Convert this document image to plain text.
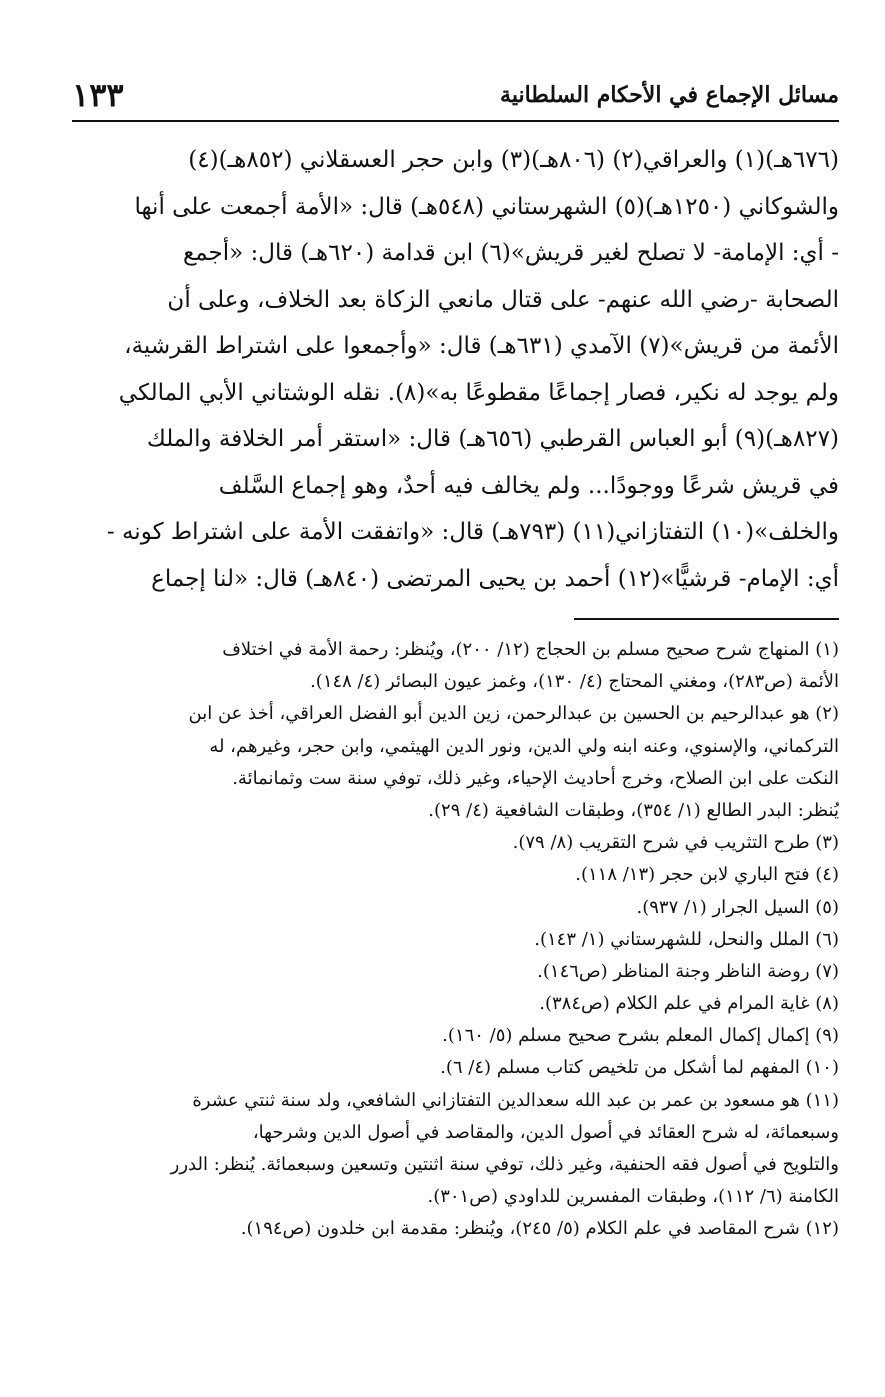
مسائل الإجماع في الأحكام السلطانية
١٣٣
(٦٧٦هـ)(١) والعراقي(٢) (٨٠٦هـ)(٣) وابن حجر العسقلاني (٨٥٢هـ)(٤)
والشوكاني (١٢٥٠هـ)(٥) الشهرستاني (٥٤٨هـ) قال: «الأمة أجمعت على أنها
- أي: الإمامة- لا تصلح لغير قريش»(٦) ابن قدامة (٦٢٠هـ) قال: «أجمع
الصحابة -رضي الله عنهم- على قتال مانعي الزكاة بعد الخلاف، وعلى أن
الأئمة من قريش»(٧) الآمدي (٦٣١هـ) قال: «وأجمعوا على اشتراط القرشية،
ولم يوجد له نكير، فصار إجماعًا مقطوعًا به»(٨). نقله الوشتاني الأبي المالكي
(٨٢٧هـ)(٩) أبو العباس القرطبي (٦٥٦هـ) قال: «استقر أمر الخلافة والملك
في قريش شرعًا ووجودًا... ولم يخالف فيه أحدٌ، وهو إجماع السَّلف
والخلف»(١٠) التفتازاني(١١) (٧٩٣هـ) قال: «واتفقت الأمة على اشتراط كونه -
أي: الإمام- قرشيًّا»(١٢) أحمد بن يحيى المرتضى (٨٤٠هـ) قال: «لنا إجماع
(١) المنهاج شرح صحيح مسلم بن الحجاج (١٢/ ٢٠٠)، ويُنظر: رحمة الأمة في اختلاف
الأئمة (ص٢٨٣)، ومغني المحتاج (٤/ ١٣٠)، وغمز عيون البصائر (٤/ ١٤٨).
(٢) هو عبدالرحيم بن الحسين بن عبدالرحمن، زين الدين أبو الفضل العراقي، أخذ عن ابن
التركماني، والإسنوي، وعنه ابنه ولي الدين، ونور الدين الهيثمي، وابن حجر، وغيرهم، له
النكت على ابن الصلاح، وخرج أحاديث الإحياء، وغير ذلك، توفي سنة ست وثمانمائة.
يُنظر: البدر الطالع (١/ ٣٥٤)، وطبقات الشافعية (٤/ ٢٩).
(٣) طرح التثريب في شرح التقريب (٨/ ٧٩).
(٤) فتح الباري لابن حجر (١٣/ ١١٨).
(٥) السيل الجرار (١/ ٩٣٧).
(٦) الملل والنحل، للشهرستاني (١/ ١٤٣).
(٧) روضة الناظر وجنة المناظر (ص١٤٦).
(٨) غاية المرام في علم الكلام (ص٣٨٤).
(٩) إكمال إكمال المعلم بشرح صحيح مسلم (٥/ ١٦٠).
(١٠) المفهم لما أشكل من تلخيص كتاب مسلم (٤/ ٦).
(١١) هو مسعود بن عمر بن عبد الله سعدالدين التفتازاني الشافعي، ولد سنة ثنتي عشرة
وسبعمائة، له شرح العقائد في أصول الدين، والمقاصد في أصول الدين وشرحها،
والتلويح في أصول فقه الحنفية، وغير ذلك، توفي سنة اثنتين وتسعين وسبعمائة. يُنظر: الدرر
الكامنة (٦/ ١١٢)، وطبقات المفسرين للداودي (ص٣٠١).
(١٢) شرح المقاصد في علم الكلام (٥/ ٢٤٥)، ويُنظر: مقدمة ابن خلدون (ص١٩٤).
